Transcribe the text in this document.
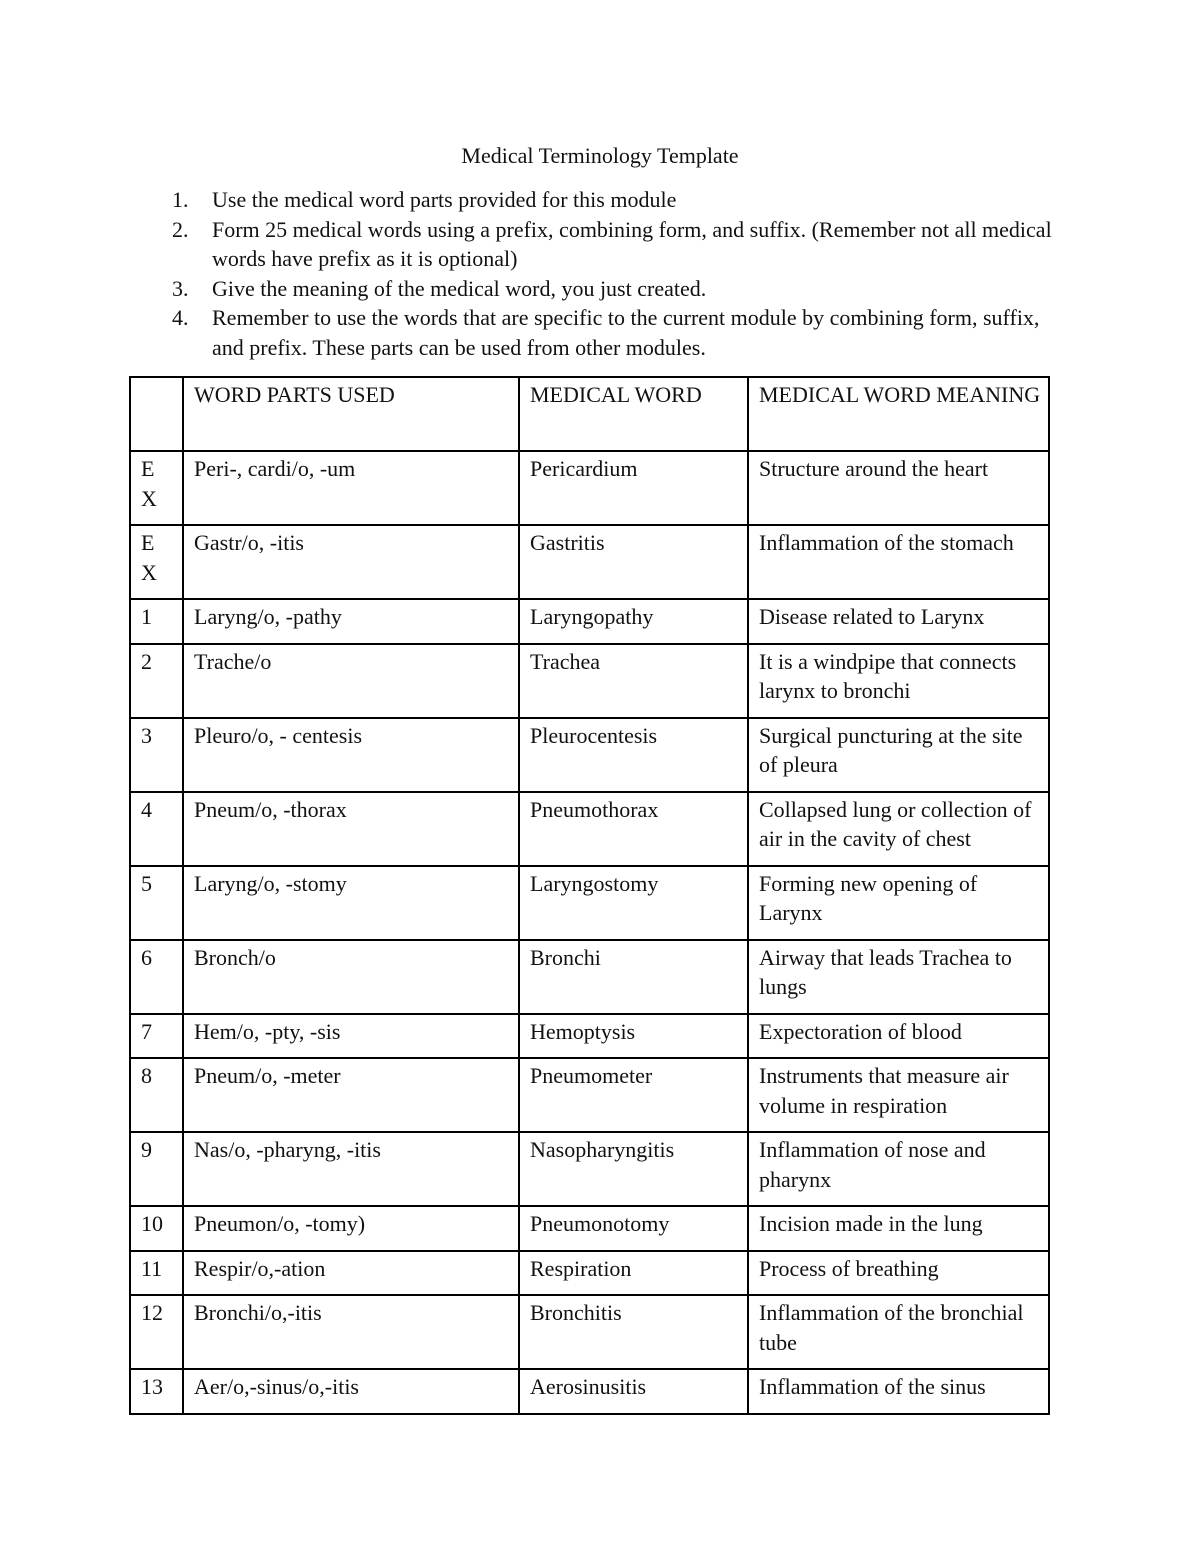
Medical Terminology Template
1. Use the medical word parts provided for this module
2. Form 25 medical words using a prefix, combining form, and suffix. (Remember not all medical words have prefix as it is optional)
3. Give the meaning of the medical word, you just created.
4. Remember to use the words that are specific to the current module by combining form, suffix, and prefix. These parts can be used from other modules.
	WORD PARTS USED	MEDICAL WORD	MEDICAL WORD MEANING

EX	Peri-, cardi/o, -um	Pericardium	Structure around the heart

EX	Gastr/o, -itis	Gastritis	Inflammation of the stomach
1	Laryng/o, -pathy	Laryngopathy	Disease related to Larynx
2	Trache/o	Trachea	It is a windpipe that connects larynx to bronchi
3	Pleuro/o, - centesis	Pleurocentesis	Surgical puncturing at the site of pleura
4	Pneum/o, -thorax	Pneumothorax	Collapsed lung or collection of air in the cavity of chest
5	Laryng/o, -stomy	Laryngostomy	Forming new opening of Larynx
6	Bronch/o	Bronchi	Airway that leads Trachea to lungs
7	Hem/o, -pty, -sis	Hemoptysis	Expectoration of blood
8	Pneum/o, -meter	Pneumometer	Instruments that measure air volume in respiration
9	Nas/o, -pharyng, -itis	Nasopharyngitis	Inflammation of nose and pharynx
10	Pneumon/o, -tomy)	Pneumonotomy	Incision made in the lung
11	Respir/o,-ation	Respiration	Process of breathing
12	Bronchi/o,-itis	Bronchitis	Inflammation of the bronchial tube
13	Aer/o,-sinus/o,-itis	Aerosinusitis	Inflammation of the sinus
